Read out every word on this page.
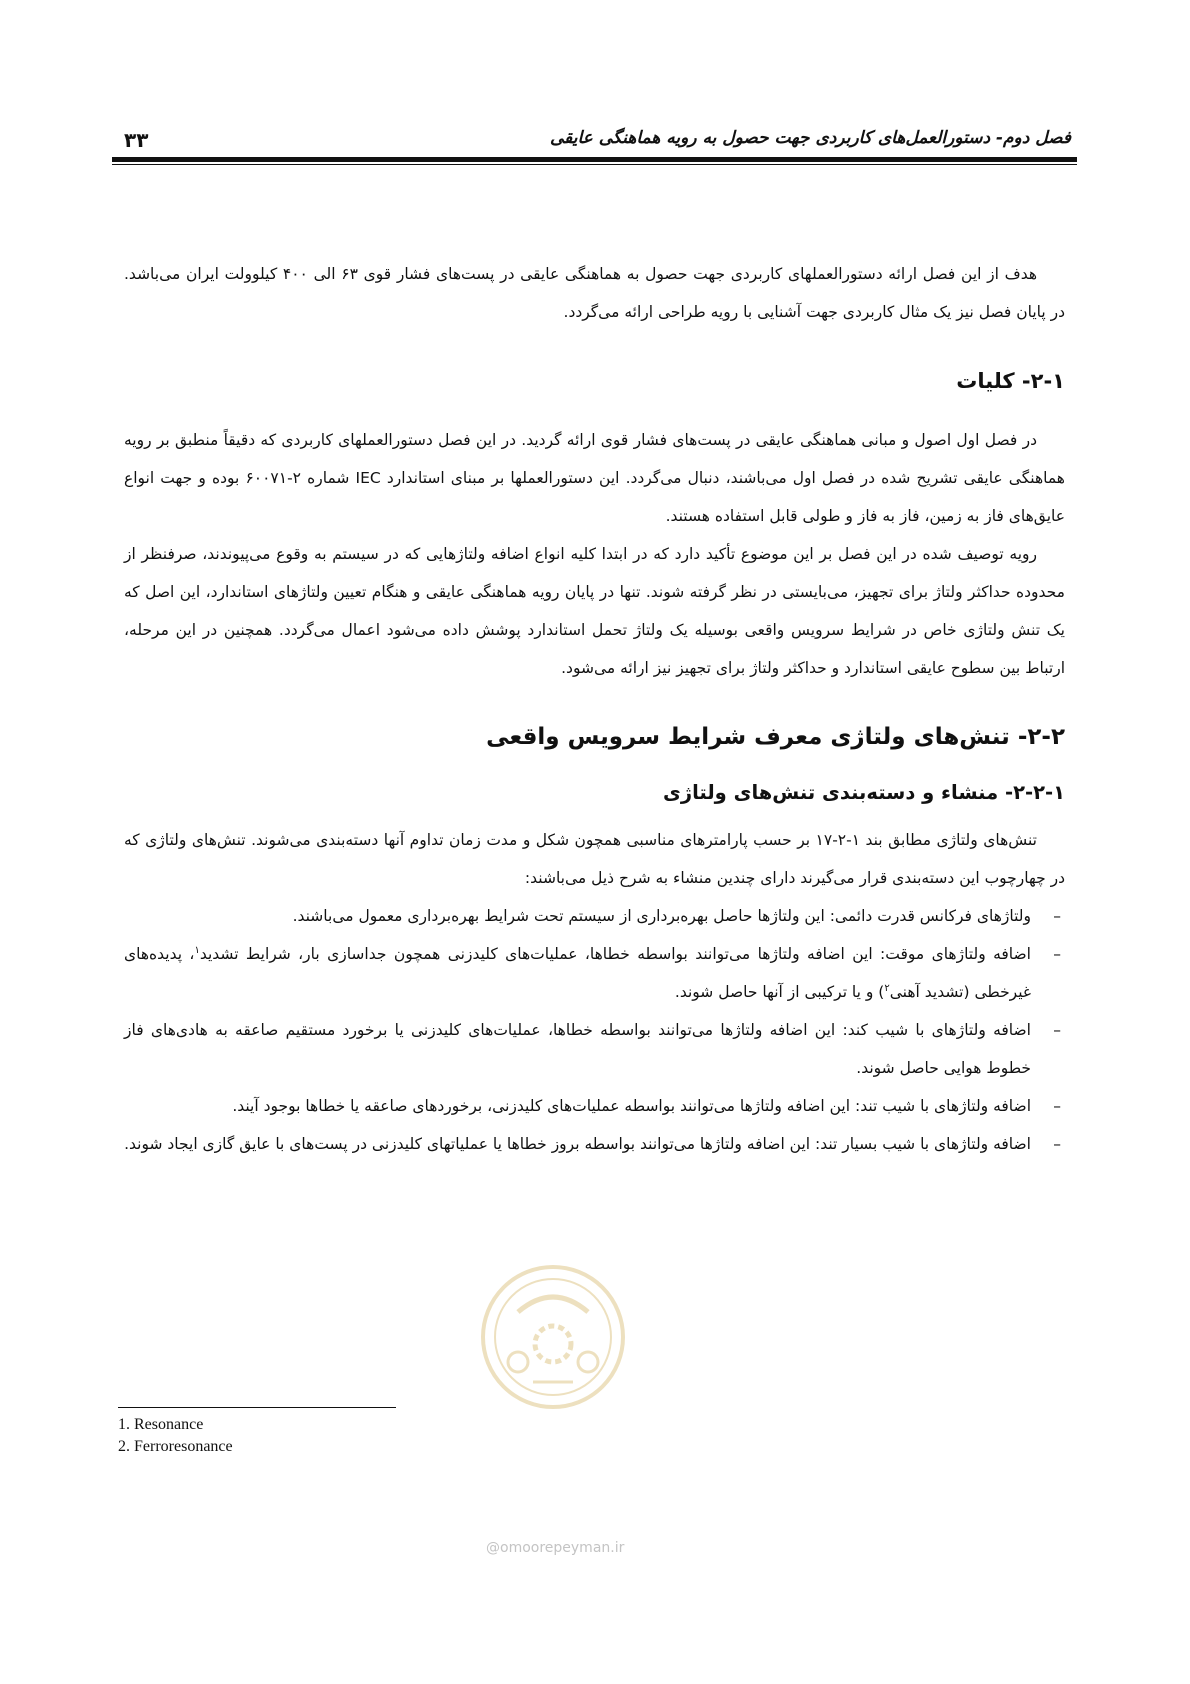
فصل دوم- دستورالعمل‌های کاربردی جهت حصول به رویه هماهنگی عایقی
۳۳

هدف از این فصل ارائه دستورالعملهای کاربردی جهت حصول به هماهنگی عایقی در پست‌های فشار قوی ۶۳ الی ۴۰۰ کیلوولت ایران می‌باشد. در پایان فصل نیز یک مثال کاربردی جهت آشنایی با رویه طراحی ارائه می‌گردد.

۲-۱- کلیات

در فصل اول اصول و مبانی هماهنگی عایقی در پست‌های فشار قوی ارائه گردید. در این فصل دستورالعملهای کاربردی که دقیقاً منطبق بر رویه هماهنگی عایقی تشریح شده در فصل اول می‌باشند، دنبال می‌گردد. این دستورالعملها بر مبنای استاندارد IEC شماره ۲-۶۰۰۷۱ بوده و جهت انواع عایق‌های فاز به زمین، فاز به فاز و طولی قابل استفاده هستند.

رویه توصیف شده در این فصل بر این موضوع تأکید دارد که در ابتدا کلیه انواع اضافه ولتاژهایی که در سیستم به وقوع می‌پیوندند، صرفنظر از محدوده حداکثر ولتاژ برای تجهیز، می‌بایستی در نظر گرفته شوند. تنها در پایان رویه هماهنگی عایقی و هنگام تعیین ولتاژهای استاندارد، این اصل که یک تنش ولتاژی خاص در شرایط سرویس واقعی بوسیله یک ولتاژ تحمل استاندارد پوشش داده می‌شود اعمال می‌گردد. همچنین در این مرحله، ارتباط بین سطوح عایقی استاندارد و حداکثر ولتاژ برای تجهیز نیز ارائه می‌شود.

۲-۲- تنش‌های ولتاژی معرف شرایط سرویس واقعی
۲-۲-۱- منشاء و دسته‌بندی تنش‌های ولتاژی

تنش‌های ولتاژی مطابق بند ۱-۲-۱۷ بر حسب پارامترهای مناسبی همچون شکل و مدت زمان تداوم آنها دسته‌بندی می‌شوند. تنش‌های ولتاژی که در چهارچوب این دسته‌بندی قرار می‌گیرند دارای چندین منشاء به شرح ذیل می‌باشند:

–
ولتاژهای فرکانس قدرت دائمی: این ولتاژها حاصل بهره‌برداری از سیستم تحت شرایط بهره‌برداری معمول می‌باشند.
–
اضافه ولتاژهای موقت: این اضافه ولتاژها می‌توانند بواسطه خطاها، عملیات‌های کلیدزنی همچون جداسازی بار، شرایط تشدید$^۱$، پدیده‌های غیرخطی (تشدید آهنی$^۲$) و یا ترکیبی از آنها حاصل شوند.
–
اضافه ولتاژهای با شیب کند: این اضافه ولتاژها می‌توانند بواسطه خطاها، عملیات‌های کلیدزنی یا برخورد مستقیم صاعقه به هادی‌های فاز خطوط هوایی حاصل شوند.
–
اضافه ولتاژهای با شیب تند: این اضافه ولتاژها می‌توانند بواسطه عملیات‌های کلیدزنی، برخوردهای صاعقه یا خطاها بوجود آیند.
–
اضافه ولتاژهای با شیب بسیار تند: این اضافه ولتاژها می‌توانند بواسطه بروز خطاها یا عملیاتهای کلیدزنی در پست‌های با عایق گازی ایجاد شوند.
@omoorepeyman.ir
1. Resonance
2. Ferroresonance
